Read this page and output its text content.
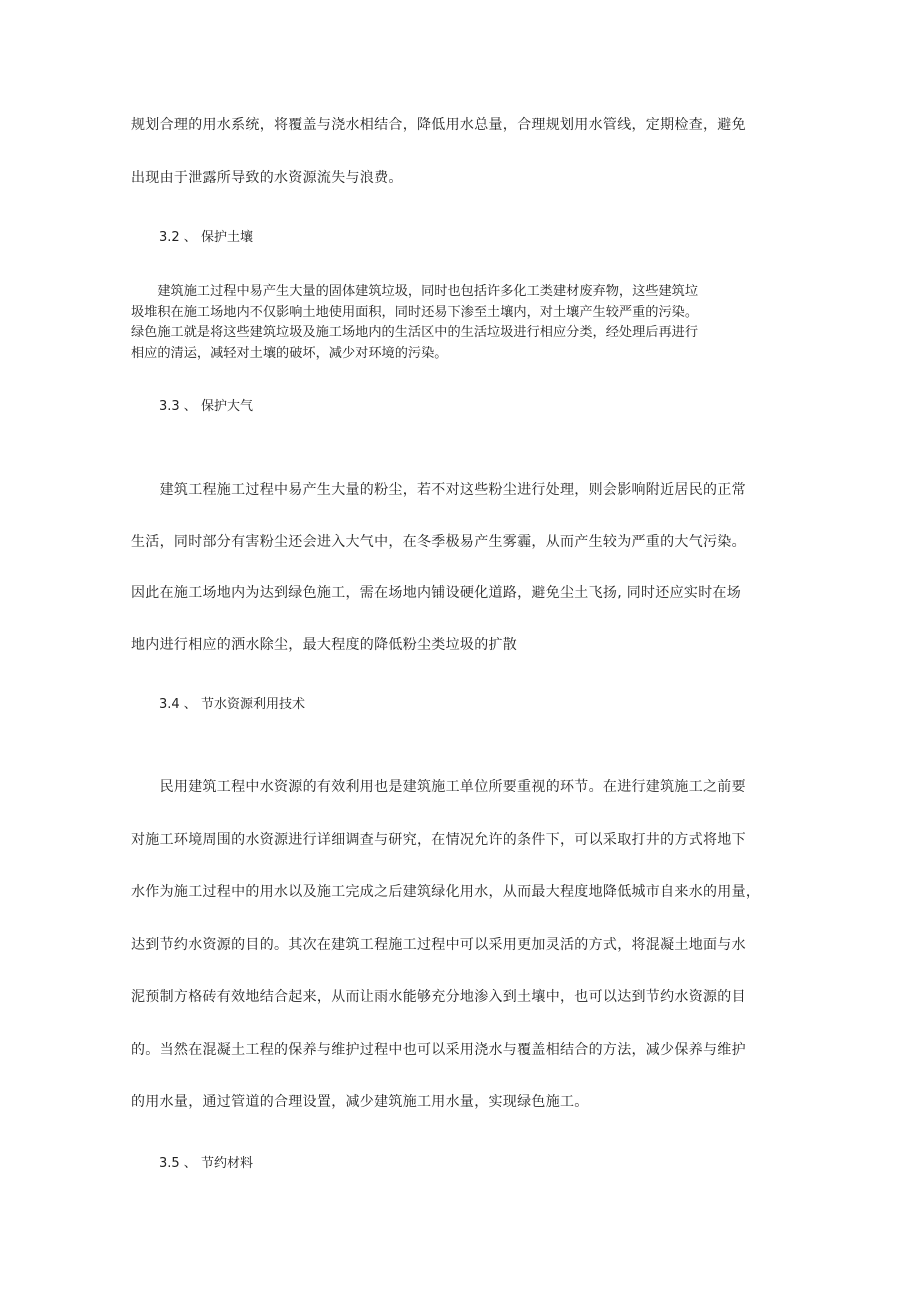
规划合理的用水系统，将覆盖与浇水相结合，降低用水总量，合理规划用水管线，定期检查，避免
出现由于泄露所导致的水资源流失与浪费。
3.2 、 保护土壤
　　建筑施工过程中易产生大量的固体建筑垃圾，同时也包括许多化工类建材废弃物，这些建筑垃
圾堆积在施工场地内不仅影响土地使用面积，同时还易下渗至土壤内，对土壤产生较严重的污染。
绿色施工就是将这些建筑垃圾及施工场地内的生活区中的生活垃圾进行相应分类，经处理后再进行
相应的清运，减轻对土壤的破坏，减少对环境的污染。
3.3 、 保护大气
　　建筑工程施工过程中易产生大量的粉尘，若不对这些粉尘进行处理，则会影响附近居民的正常
生活，同时部分有害粉尘还会进入大气中，在冬季极易产生雾霾，从而产生较为严重的大气污染。
因此在施工场地内为达到绿色施工，需在场地内铺设硬化道路，避免尘土飞扬, 同时还应实时在场
地内进行相应的洒水除尘，最大程度的降低粉尘类垃圾的扩散
3.4 、 节水资源利用技术
　　民用建筑工程中水资源的有效利用也是建筑施工单位所要重视的环节。在进行建筑施工之前要
对施工环境周围的水资源进行详细调查与研究，在情况允许的条件下，可以采取打井的方式将地下
水作为施工过程中的用水以及施工完成之后建筑绿化用水，从而最大程度地降低城市自来水的用量，
达到节约水资源的目的。其次在建筑工程施工过程中可以采用更加灵活的方式，将混凝土地面与水
泥预制方格砖有效地结合起来，从而让雨水能够充分地渗入到土壤中，也可以达到节约水资源的目
的。当然在混凝土工程的保养与维护过程中也可以采用浇水与覆盖相结合的方法，减少保养与维护
的用水量，通过管道的合理设置，减少建筑施工用水量，实现绿色施工。
3.5 、 节约材料
